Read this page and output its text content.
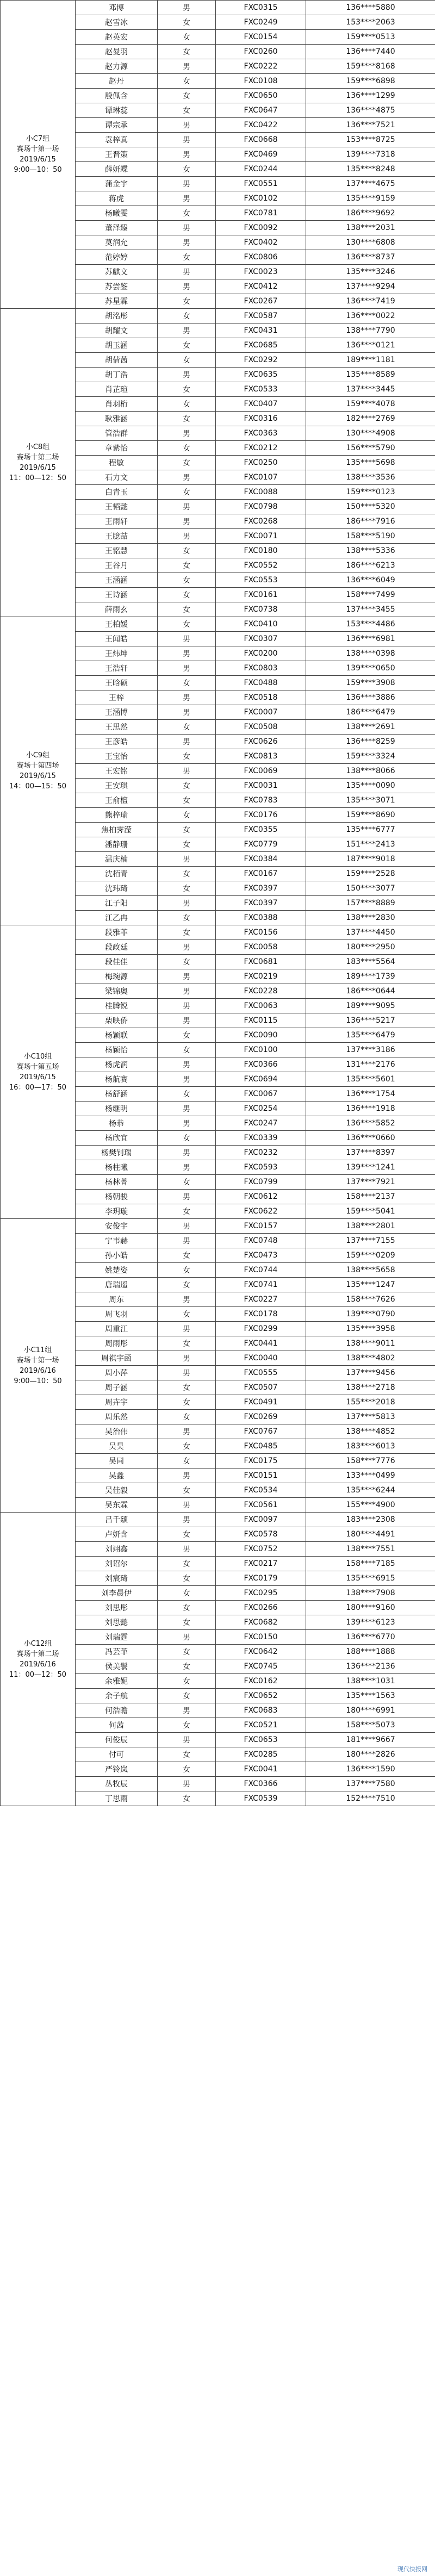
小C7组
赛场十第一场
2019/6/15
9:00—10：50	邓博	男	FXC0315	136****5880
	赵雪冰	女	FXC0249	153****2063
	赵英宏	女	FXC0154	159****0513
	赵曼羽	女	FXC0260	136****7440
	赵力源	男	FXC0222	159****8168
	赵丹	女	FXC0108	159****6898
	殷佩含	女	FXC0650	136****1299
	谭琳蕊	女	FXC0647	136****4875
	谭宗承	男	FXC0422	136****7521
	袁梓真	男	FXC0668	153****8725
	王晋策	男	FXC0469	139****7318
	薛妍蝶	女	FXC0244	135****8248
	蒲金宇	男	FXC0551	137****4675
	蒋虎	男	FXC0102	135****9159
	杨曦雯	女	FXC0781	186****9692
	董泽臻	男	FXC0092	138****2031
	莫润允	男	FXC0402	130****6808
	范婷婷	女	FXC0806	136****8737
	苏麒文	男	FXC0023	135****3246
	苏尝鉴	男	FXC0412	137****9294
	苏星霖	女	FXC0267	136****7419

小C8组
赛场十第二场
2019/6/15
11：00—12：50	胡洺彤	女	FXC0587	136****0022
	胡耀文	男	FXC0431	138****7790
	胡玉涵	女	FXC0685	136****0121
	胡倩茜	女	FXC0292	189****1181
	胡丁浩	男	FXC0635	135****8589
	肖芷瑄	女	FXC0533	137****3445
	肖羽桁	女	FXC0407	159****4078
	耿雅涵	女	FXC0316	182****2769
	管浩群	男	FXC0363	130****4908
	章紫怡	女	FXC0212	156****5790
	程敏	女	FXC0250	135****5698
	石力文	男	FXC0107	138****3536
	白青玉	女	FXC0088	159****0123
	王韬懿	男	FXC0798	150****5320
	王雨轩	男	FXC0268	186****7916
	王臆喆	男	FXC0071	158****5190
	王铭慧	女	FXC0180	138****5336
	王谷月	女	FXC0552	186****6213
	王涵涵	女	FXC0553	136****6049
	王诗涵	女	FXC0161	158****7499
	薛雨玄	女	FXC0738	137****3455

小C9组
赛场十第四场
2019/6/15
14：00—15：50	王柏媛	女	FXC0410	153****4486
	王闻皓	男	FXC0307	136****6981
	王炜坤	男	FXC0200	138****0398
	王浩轩	男	FXC0803	139****0650
	王晗硕	女	FXC0488	159****3908
	王梓	男	FXC0518	136****3886
	王涵博	男	FXC0007	186****6479
	王思然	女	FXC0508	138****2691
	王彦皓	男	FXC0626	136****8259
	王宝怡	女	FXC0813	159****3324
	王宏铭	男	FXC0069	138****8066
	王安琪	女	FXC0031	135****0090
	王俞檀	女	FXC0783	135****3071
	熊梓瑜	女	FXC0176	159****8690
	焦柏霁滢	女	FXC0355	135****6777
	潘静珊	女	FXC0779	151****2413
	温庆楠	男	FXC0384	187****9018
	沈栢青	女	FXC0167	159****2528
	沈玮琦	女	FXC0397	150****3077
	江子阳	男	FXC0397	157****8889
	江乙冉	女	FXC0388	138****2830

小C10组
赛场十第五场
2019/6/15
16：00—17：50	段雅菲	女	FXC0156	137****4450
	段政廷	男	FXC0058	180****2950
	段佳佳	女	FXC0681	183****5564
	梅琬源	男	FXC0219	189****1739
	梁锦奥	男	FXC0228	186****0644
	桂腾锐	男	FXC0063	189****9095
	栗映侨	男	FXC0115	136****5217
	杨颖联	女	FXC0090	135****6479
	杨颖怡	女	FXC0100	137****3186
	杨虎润	男	FXC0366	131****2176
	杨航赛	男	FXC0694	135****5601
	杨舒涵	女	FXC0067	136****1754
	杨继明	男	FXC0254	136****1918
	杨恭	男	FXC0247	136****5852
	杨欣宜	女	FXC0339	136****0660
	杨樊钊瑞	男	FXC0232	137****8397
	杨柱曦	男	FXC0593	139****1241
	杨林菁	女	FXC0799	137****7921
	杨朝骏	男	FXC0612	158****2137
	李玥璇	女	FXC0622	159****5041

小C11组
赛场十第一场
2019/6/16
9:00—10：50	安俊宇	男	FXC0157	138****2801
	宁韦赫	男	FXC0748	137****7155
	孙小皓	女	FXC0473	159****0209
	姚楚姿	女	FXC0744	138****5658
	唐瑞遥	女	FXC0741	135****1247
	周东	男	FXC0227	158****7626
	周飞羽	女	FXC0178	139****0790
	周重江	男	FXC0299	135****3958
	周雨彤	女	FXC0441	138****9011
	周祺宇函	男	FXC0040	138****4802
	周小萍	男	FXC0555	137****9456
	周子涵	女	FXC0507	138****2718
	周卉宇	女	FXC0491	155****2018
	周乐然	女	FXC0269	137****5813
	吴治伟	男	FXC0767	138****4852
	吴昊	女	FXC0485	183****6013
	吴同	女	FXC0175	158****7776
	吴鑫	男	FXC0151	133****0499
	吴佳毅	女	FXC0534	135****6244
	吴东霖	男	FXC0561	155****4900

小C12组
赛场十第二场
2019/6/16
11：00—12：50	吕千颖	男	FXC0097	183****2308
	卢妍含	女	FXC0578	180****4491
	刘翊鑫	男	FXC0752	138****7551
	刘诏尔	女	FXC0217	158****7185
	刘宸琦	女	FXC0179	135****6915
	刘李晨伊	女	FXC0295	138****7908
	刘思彤	女	FXC0266	180****9160
	刘思懿	女	FXC0682	139****6123
	刘瑞霆	男	FXC0150	136****6770
	冯芸菲	女	FXC0642	188****1888
	侯美鬟	女	FXC0745	136****2136
	余雅妮	女	FXC0162	138****1031
	余子航	女	FXC0652	135****1563
	何浩瞻	男	FXC0683	180****6991
	何茜	女	FXC0521	158****5073
	何俊辰	男	FXC0653	181****9667
	付可	女	FXC0285	180****2826
	严铃岚	女	FXC0041	136****1590
	丛牧辰	男	FXC0366	137****7580
	丁思雨	女	FXC0539	152****7510
现代快报网
